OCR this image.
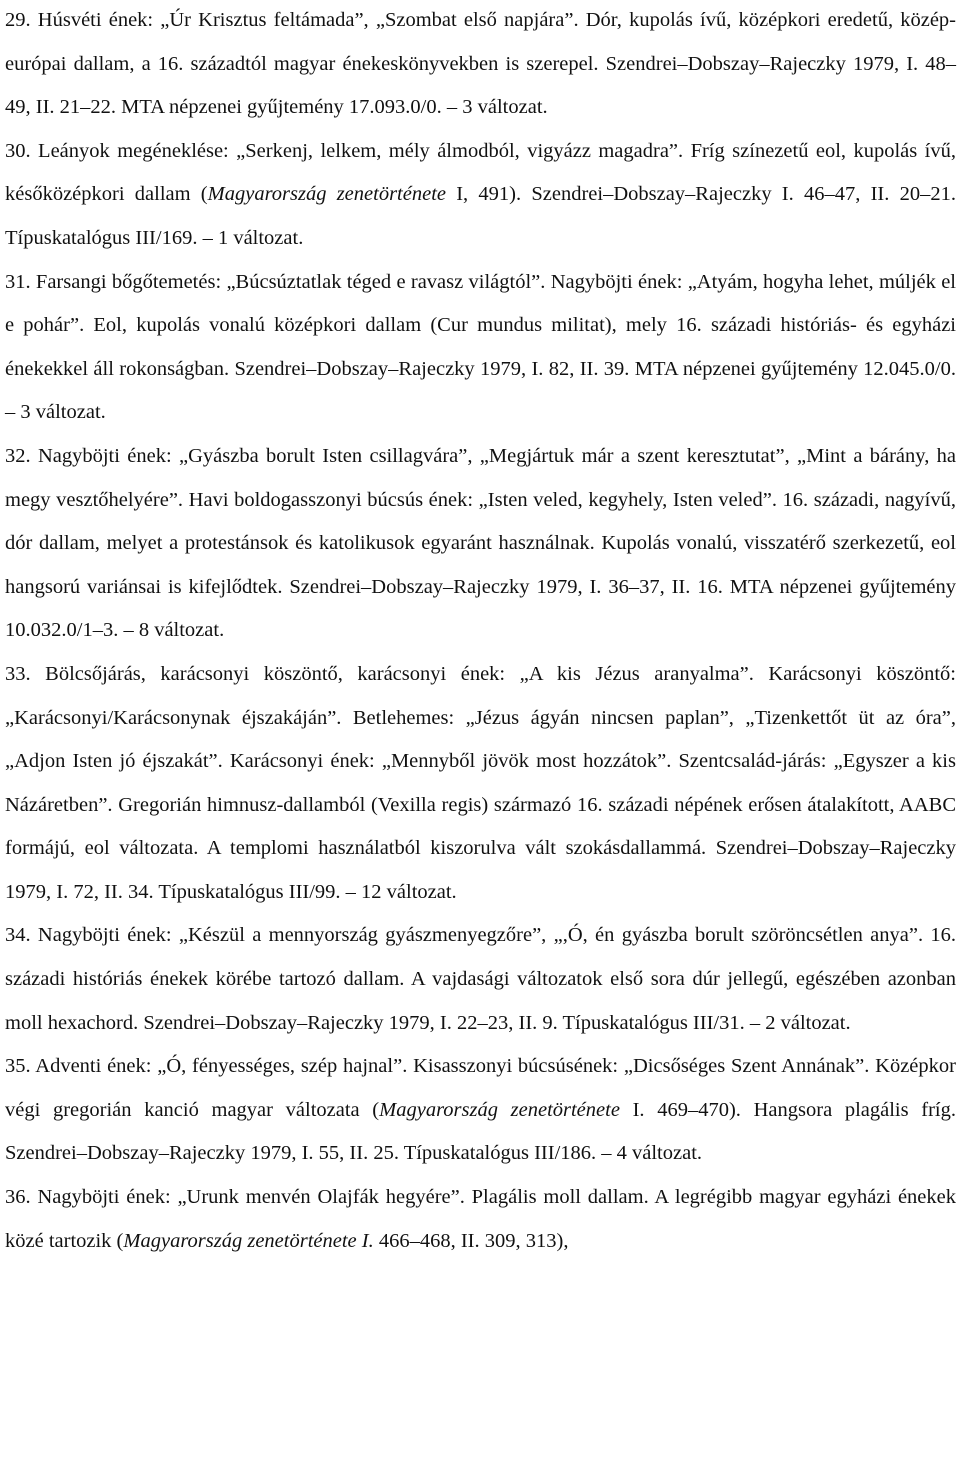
29. Húsvéti ének: „Úr Krisztus feltámada”, „Szombat első napjára”. Dór, kupolás ívű, középkori eredetű, közép-európai dallam, a 16. századtól magyar énekeskönyvekben is szerepel. Szendrei–Dobszay–Rajeczky 1979, I. 48–49, II. 21–22. MTA népzenei gyűjtemény 17.093.0/0. – 3 változat.

30. Leányok megéneklése: „Serkenj, lelkem, mély álmodból, vigyázz magadra”. Fríg színezetű eol, kupolás ívű, későközépkori dallam (Magyarország zenetörténete I, 491). Szendrei–Dobszay–Rajeczky I. 46–47, II. 20–21. Típuskatalógus III/169. – 1 változat.

31. Farsangi bőgőtemetés: „Búcsúztatlak téged e ravasz világtól”. Nagyböjti ének: „Atyám, hogyha lehet, múljék el e pohár”. Eol, kupolás vonalú középkori dallam (Cur mundus militat), mely 16. századi históriás- és egyházi énekekkel áll rokonságban. Szendrei–Dobszay–Rajeczky 1979, I. 82, II. 39. MTA népzenei gyűjtemény 12.045.0/0. – 3 változat.

32. Nagyböjti ének: „Gyászba borult Isten csillagvára”, „Megjártuk már a szent keresztutat”, „Mint a bárány, ha megy vesztőhelyére”. Havi boldogasszonyi búcsús ének: „Isten veled, kegyhely, Isten veled”. 16. századi, nagyívű, dór dallam, melyet a protestánsok és katolikusok egyaránt használnak. Kupolás vonalú, visszatérő szerkezetű, eol hangsorú variánsai is kifejlődtek. Szendrei–Dobszay–Rajeczky 1979, I. 36–37, II. 16. MTA népzenei gyűjtemény 10.032.0/1–3. – 8 változat.

33. Bölcsőjárás, karácsonyi köszöntő, karácsonyi ének: „A kis Jézus aranyalma”. Karácsonyi köszöntő: „Karácsonyi/Karácsonynak éjszakáján”. Betlehemes: „Jézus ágyán nincsen paplan”, „Tizenkettőt üt az óra”, „Adjon Isten jó éjszakát”. Karácsonyi ének: „Mennyből jövök most hozzátok”. Szentcsalád-járás: „Egyszer a kis Názáretben”. Gregorián himnusz-dallamból (Vexilla regis) származó 16. századi népének erősen átalakított, AABC formájú, eol változata. A templomi használatból kiszorulva vált szokásdallammá. Szendrei–Dobszay–Rajeczky 1979, I. 72, II. 34. Típuskatalógus III/99. – 12 változat.

34. Nagyböjti ének: „Készül a mennyország gyászmenyegzőre”, „,Ó, én gyászba borult szöröncsétlen anya”. 16. századi históriás énekek körébe tartozó dallam. A vajdasági változatok első sora dúr jellegű, egészében azonban moll hexachord. Szendrei–Dobszay–Rajeczky 1979, I. 22–23, II. 9. Típuskatalógus III/31. – 2 változat.

35. Adventi ének: „Ó, fényességes, szép hajnal”. Kisasszonyi búcsúsének: „Dicsőséges Szent Annának”. Középkor végi gregorián kanció magyar változata (Magyarország zenetörténete I. 469–470). Hangsora plagális fríg. Szendrei–Dobszay–Rajeczky 1979, I. 55, II. 25. Típuskatalógus III/186. – 4 változat.

36. Nagyböjti ének: „Urunk menvén Olajfák hegyére”. Plagális moll dallam. A legrégibb magyar egyházi énekek közé tartozik (Magyarország zenetörténete I. 466–468, II. 309, 313),
